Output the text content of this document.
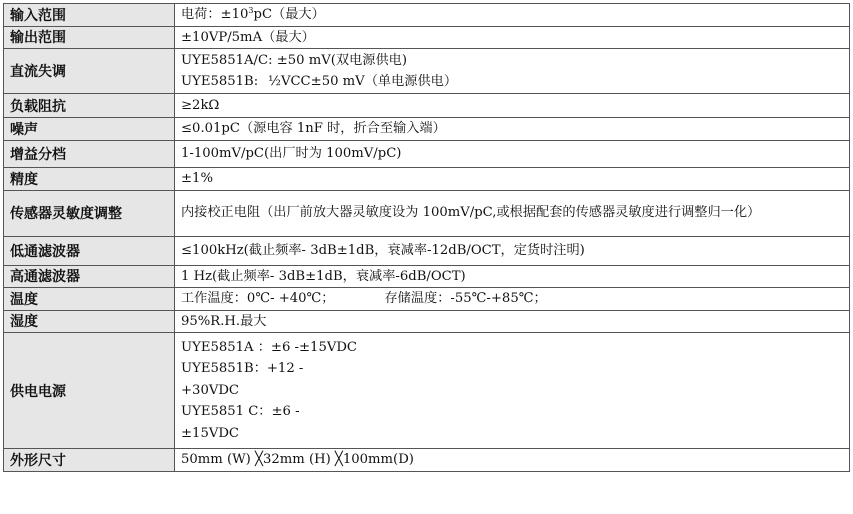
输入范围	电荷：$\pm 10^3pC$（最大）

输出范围	±10VP/5mA（最大）

直流失调	UYE5851A/C: ±50 mV(双电源供电)
UYE5851B: ½VCC±50 mV（单电源供电）

负载阻抗	≥2kΩ

噪声	≤0.01pC（源电容 1nF 时，折合至输入端）

增益分档	1-100mV/pC(出厂时为 100mV/pC)

精度	±1%

传感器灵敏度调整	内接校正电阻（出厂前放大器灵敏度设为 100mV/pC,或根据配套的传感器灵敏度进行调整归一化）

低通滤波器	≤100kHz(截止频率- 3dB±1dB，衰减率-12dB/OCT，定货时注明)

高通滤波器	1 Hz(截止频率- 3dB±1dB，衰减率-6dB/OCT)

温度	工作温度：0℃- +40℃； 存储温度：-55℃-+85℃；

湿度	95%R.H.最大

供电电源	UYE5851A ：±6 -±15VDC
UYE5851B：+12 -
+30VDC
UYE5851 C：±6 -
±15VDC

外形尺寸	50mm (W) ╳32mm (H) ╳100mm(D)
